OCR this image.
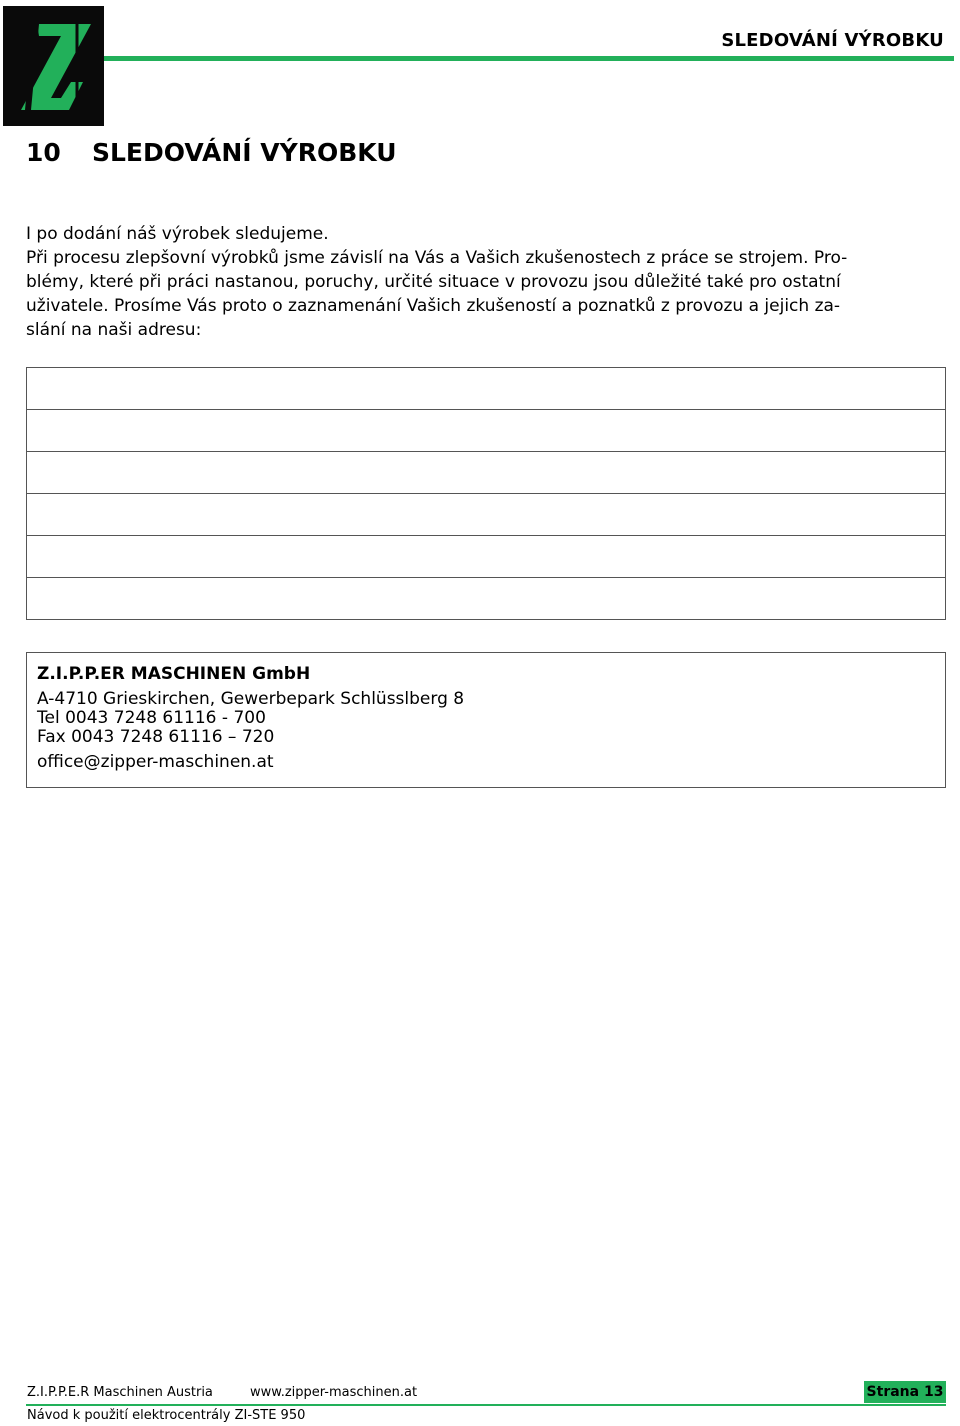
SLEDOVÁNÍ VÝROBKU
10 SLEDOVÁNÍ VÝROBKU

I po dodání náš výrobek sledujeme.

Při procesu zlepšovní výrobků jsme závislí na Vás a Vašich zkušenostech z práce se strojem. Pro-

blémy, které při práci nastanou, poruchy, určité situace v provozu jsou důležité také pro ostatní

uživatele. Prosíme Vás proto o zaznamenání Vašich zkušeností a poznatků z provozu a jejich za-

slání na naši adresu:

Z.I.P.P.ER MASCHINEN GmbH
A-4710 Grieskirchen, Gewerbepark Schlüsslberg 8
Tel 0043 7248 61116 - 700
Fax 0043 7248 61116 – 720
office@zipper-maschinen.at
Z.I.P.P.E.R Maschinen Austria	www.zipper-maschinen.at	Strana 13
Návod k použití elektrocentrály ZI-STE 950
